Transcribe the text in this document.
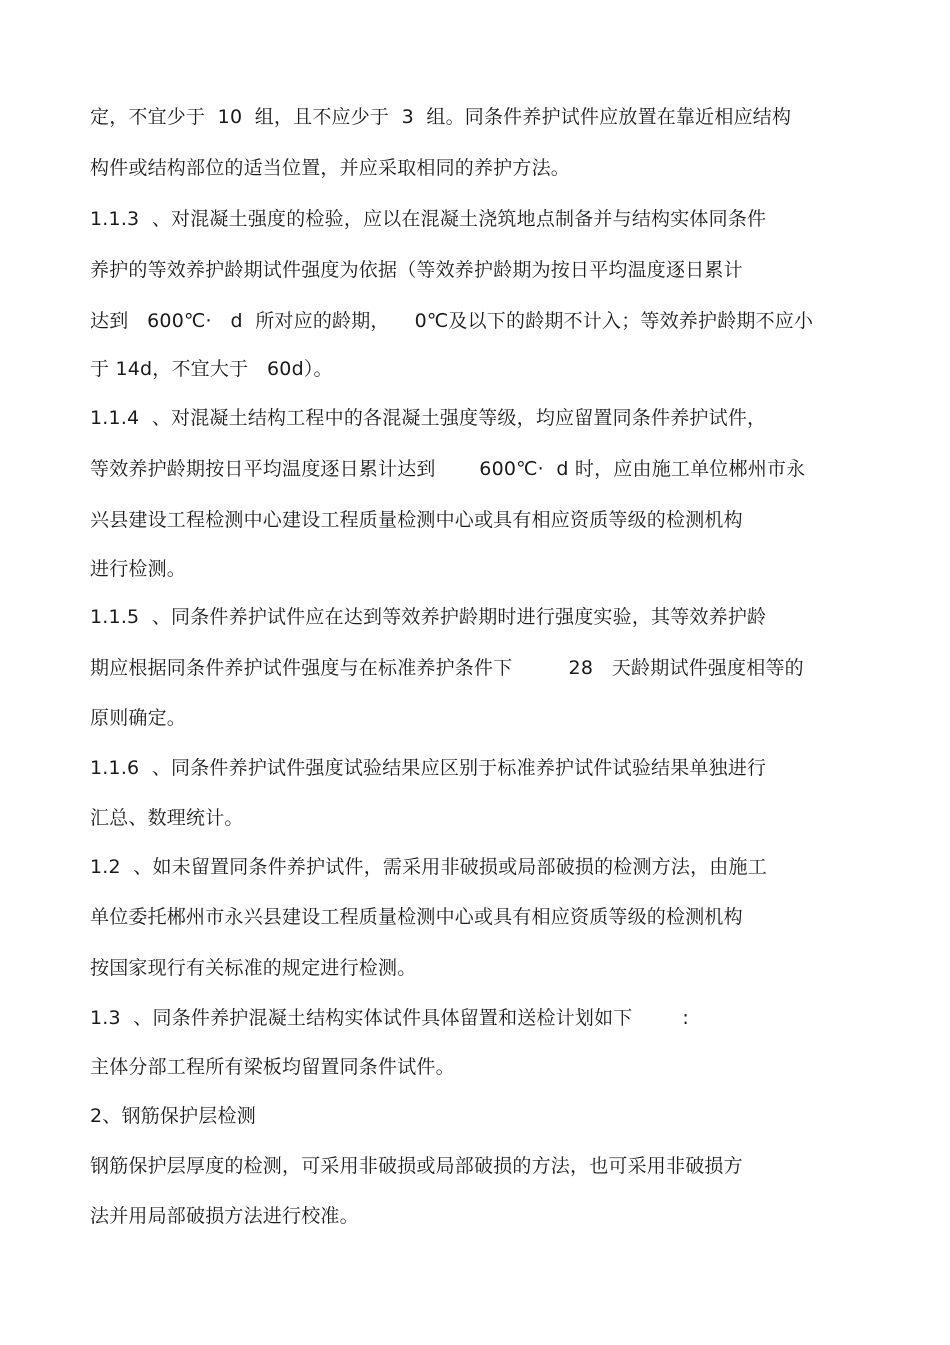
定，不宜少于  10  组，且不应少于  3  组。同条件养护试件应放置在靠近相应结构
构件或结构部位的适当位置，并应采取相同的养护方法。
1.1.3  、对混凝土强度的检验，应以在混凝土浇筑地点制备并与结构实体同条件
养护的等效养护龄期试件强度为依据（等效养护龄期为按日平均温度逐日累计
达到   600℃·   d  所对应的龄期，    0℃及以下的龄期不计入；等效养护龄期不应小
于 14d，不宜大于   60d）。
1.1.4  、对混凝土结构工程中的各混凝土强度等级，均应留置同条件养护试件，
等效养护龄期按日平均温度逐日累计达到       600℃·  d 时，应由施工单位郴州市永
兴县建设工程检测中心建设工程质量检测中心或具有相应资质等级的检测机构
进行检测。
1.1.5  、同条件养护试件应在达到等效养护龄期时进行强度实验，其等效养护龄
期应根据同条件养护试件强度与在标准养护条件下         28   天龄期试件强度相等的
原则确定。
1.1.6  、同条件养护试件强度试验结果应区别于标准养护试件试验结果单独进行
汇总、数理统计。
1.2  、如未留置同条件养护试件，需采用非破损或局部破损的检测方法，由施工
单位委托郴州市永兴县建设工程质量检测中心或具有相应资质等级的检测机构
按国家现行有关标准的规定进行检测。
1.3  、同条件养护混凝土结构实体试件具体留置和送检计划如下        :
主体分部工程所有梁板均留置同条件试件。
2、钢筋保护层检测
钢筋保护层厚度的检测，可采用非破损或局部破损的方法，也可采用非破损方
法并用局部破损方法进行校准。
